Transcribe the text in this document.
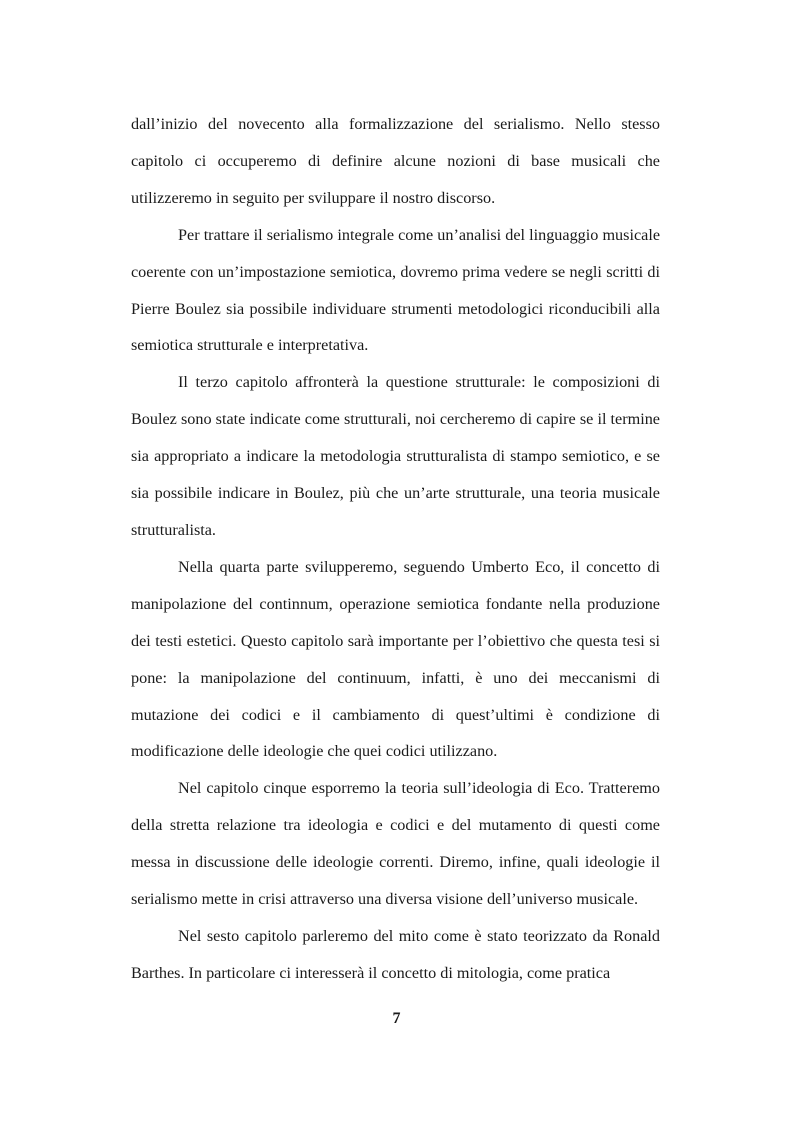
dall’inizio del novecento alla formalizzazione del serialismo. Nello stesso capitolo ci occuperemo di definire alcune nozioni di base musicali che utilizzeremo in seguito per sviluppare il nostro discorso.

Per trattare il serialismo integrale come un’analisi del linguaggio musicale coerente con un’impostazione semiotica, dovremo prima vedere se negli scritti di Pierre Boulez sia possibile individuare strumenti metodologici riconducibili alla semiotica strutturale e interpretativa.

Il terzo capitolo affronterà la questione strutturale: le composizioni di Boulez sono state indicate come strutturali, noi cercheremo di capire se il termine sia appropriato a indicare la metodologia strutturalista di stampo semiotico, e se sia possibile indicare in Boulez, più che un’arte strutturale, una teoria musicale strutturalista.

Nella quarta parte svilupperemo, seguendo Umberto Eco, il concetto di manipolazione del continnum, operazione semiotica fondante nella produzione dei testi estetici. Questo capitolo sarà importante per l’obiettivo che questa tesi si pone: la manipolazione del continuum, infatti, è uno dei meccanismi di mutazione dei codici e il cambiamento di quest’ultimi è condizione di modificazione delle ideologie che quei codici utilizzano.

Nel capitolo cinque esporremo la teoria sull’ideologia di Eco. Tratteremo della stretta relazione tra ideologia e codici e del mutamento di questi come messa in discussione delle ideologie correnti. Diremo, infine, quali ideologie il serialismo mette in crisi attraverso una diversa visione dell’universo musicale.

Nel sesto capitolo parleremo del mito come è stato teorizzato da Ronald Barthes. In particolare ci interesserà il concetto di mitologia, come pratica

7
